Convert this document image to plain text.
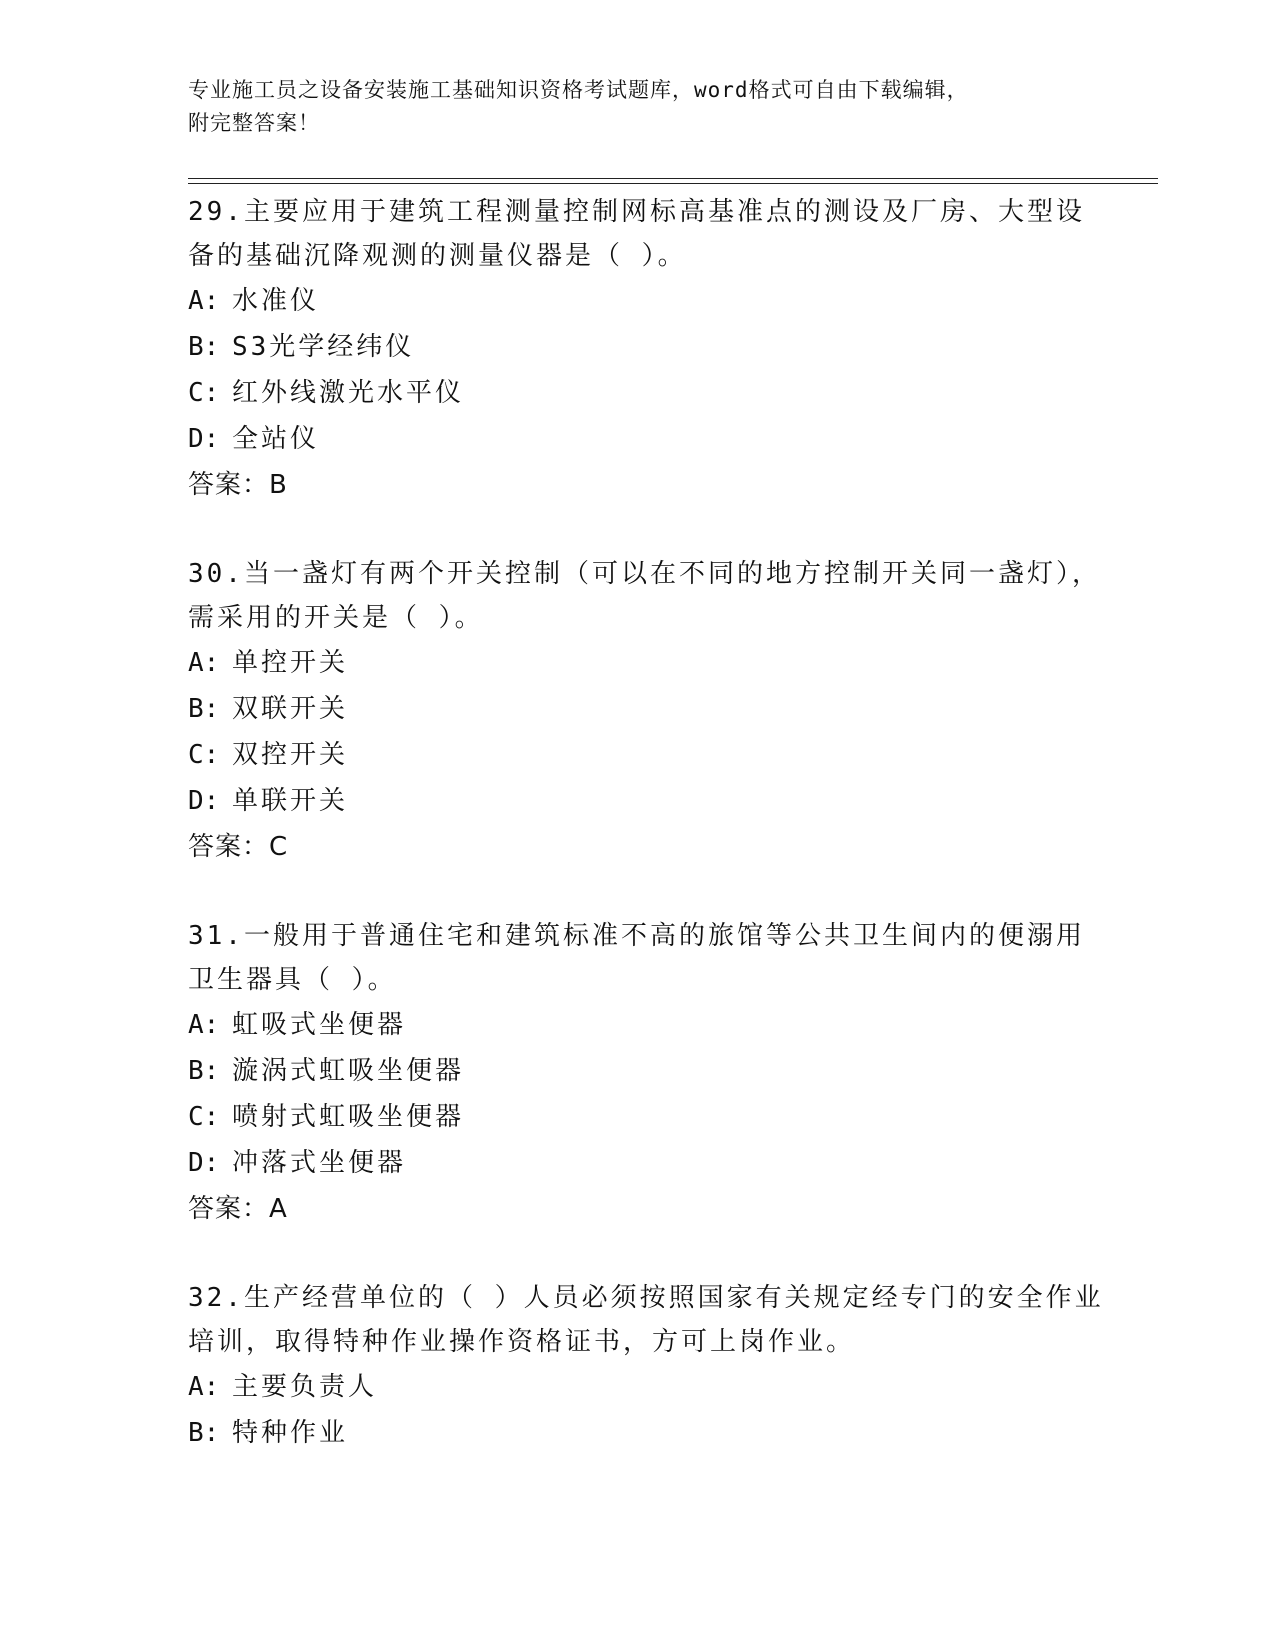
专业施工员之设备安装施工基础知识资格考试题库，word格式可自由下载编辑，
附完整答案！

29.主要应用于建筑工程测量控制网标高基准点的测设及厂房、大型设备的基础沉降观测的测量仪器是（ ）。

A: 水准仪

B: S3光学经纬仪

C: 红外线激光水平仪

D: 全站仪

答案：B

30.当一盏灯有两个开关控制（可以在不同的地方控制开关同一盏灯），需采用的开关是（ ）。

A: 单控开关

B: 双联开关

C: 双控开关

D: 单联开关

答案：C

31.一般用于普通住宅和建筑标准不高的旅馆等公共卫生间内的便溺用卫生器具（ ）。

A: 虹吸式坐便器

B: 漩涡式虹吸坐便器

C: 喷射式虹吸坐便器

D: 冲落式坐便器

答案：A

32.生产经营单位的（ ）人员必须按照国家有关规定经专门的安全作业培训，取得特种作业操作资格证书，方可上岗作业。

A: 主要负责人

B: 特种作业
